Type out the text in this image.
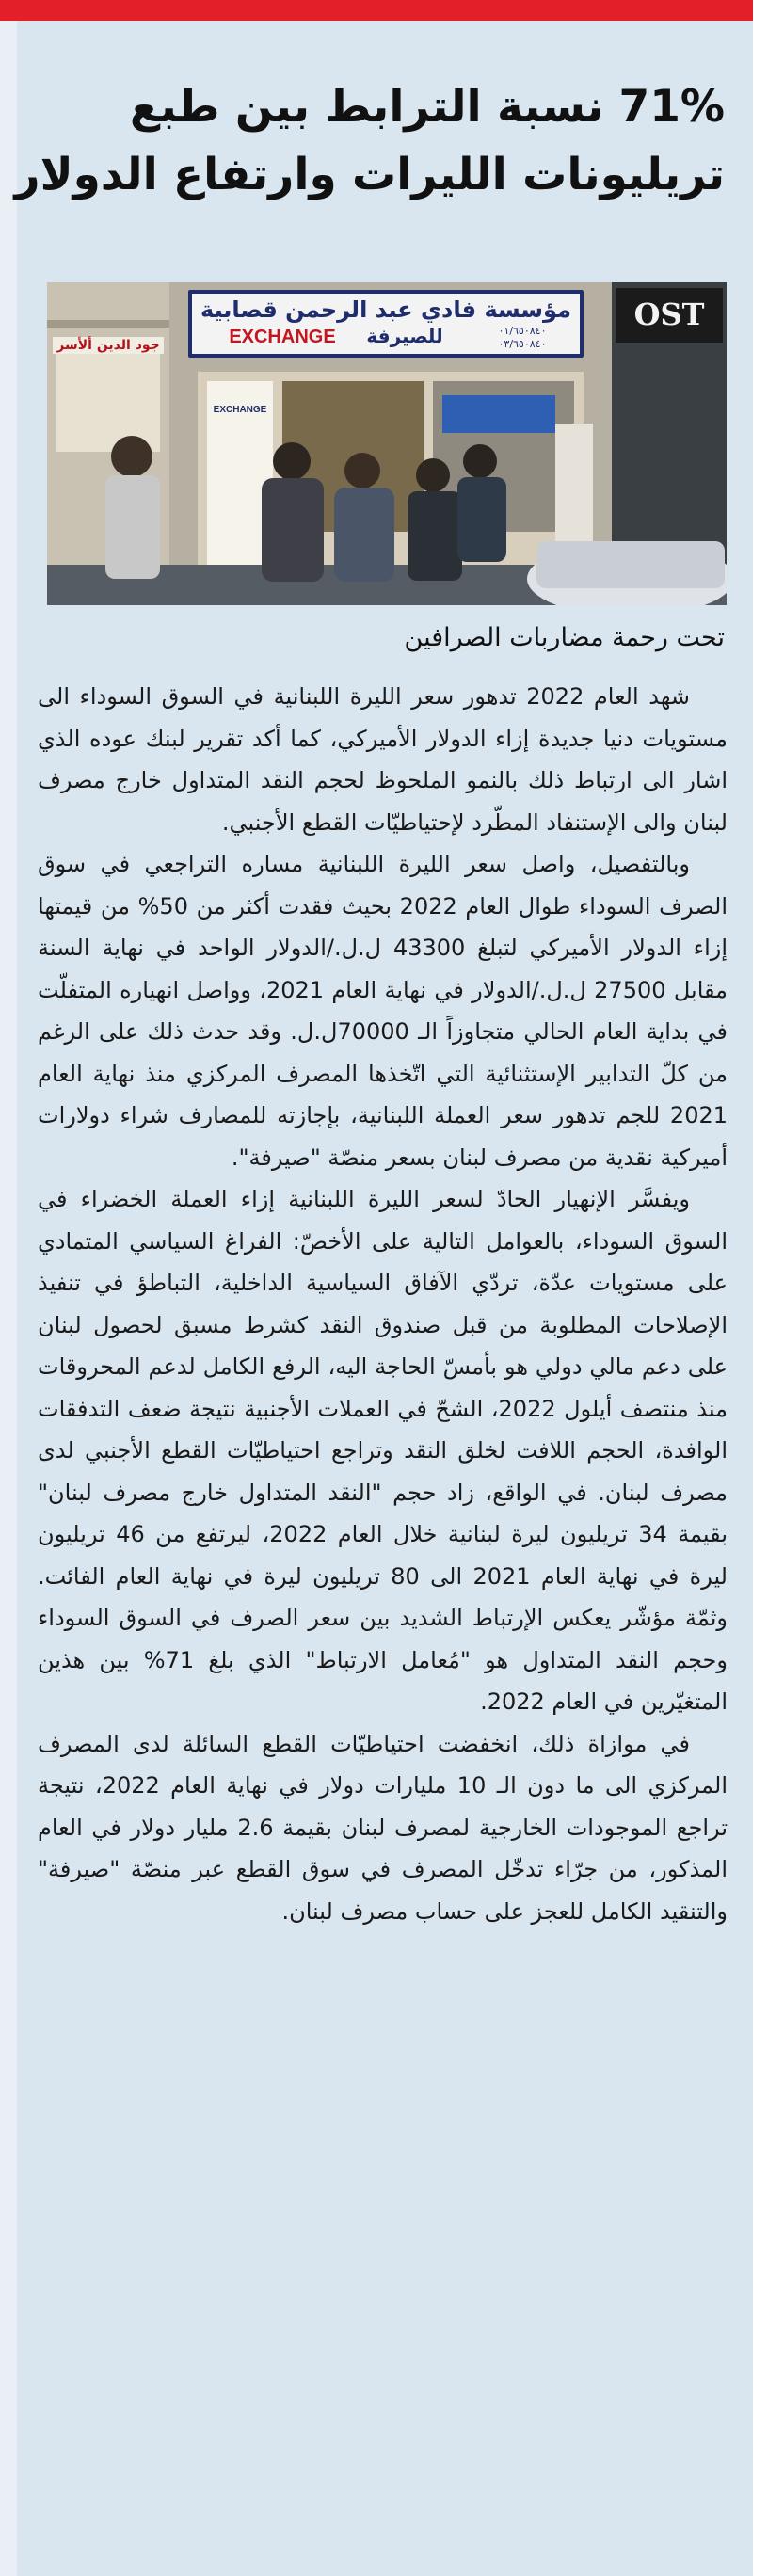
71% نسبة الترابط بين طبع
تريليونات الليرات وارتفاع الدولار
مؤسسة فادي عبد الرحمن قصابية
EXCHANGE	للصيرفة	٠١/٦٥٠٨٤٠
٠٣/٦٥٠٨٤٠
جود الدين ألأسر
OST
EXCHANGE

تحت رحمة مضاربات الصرافين

شهد العام 2022 تدهور سعر الليرة اللبنانية في السوق السوداء الى مستويات دنيا جديدة إزاء الدولار الأميركي، كما أكد تقرير لبنك عوده الذي اشار الى ارتباط ذلك بالنمو الملحوظ لحجم النقد المتداول خارج مصرف لبنان والى الإستنفاد المطّرد لإحتياطيّات القطع الأجنبي.

وبالتفصيل، واصل سعر الليرة اللبنانية مساره التراجعي في سوق الصرف السوداء طوال العام 2022 بحيث فقدت أكثر من 50% من قيمتها إزاء الدولار الأميركي لتبلغ 43300 ل.ل./الدولار الواحد في نهاية السنة مقابل 27500 ل.ل./الدولار في نهاية العام 2021، وواصل انهياره المتفلّت في بداية العام الحالي متجاوزاً الـ 70000ل.ل. وقد حدث ذلك على الرغم من كلّ التدابير الإستثنائية التي اتّخذها المصرف المركزي منذ نهاية العام 2021 للجم تدهور سعر العملة اللبنانية، بإجازته للمصارف شراء دولارات أميركية نقدية من مصرف لبنان بسعر منصّة "صيرفة".

ويفسَّر الإنهيار الحادّ لسعر الليرة اللبنانية إزاء العملة الخضراء في السوق السوداء، بالعوامل التالية على الأخصّ: الفراغ السياسي المتمادي على مستويات عدّة، تردّي الآفاق السياسية الداخلية، التباطؤ في تنفيذ الإصلاحات المطلوبة من قبل صندوق النقد كشرط مسبق لحصول لبنان على دعم مالي دولي هو بأمسّ الحاجة اليه، الرفع الكامل لدعم المحروقات منذ منتصف أيلول 2022، الشحّ في العملات الأجنبية نتيجة ضعف التدفقات الوافدة، الحجم اللافت لخلق النقد وتراجع احتياطيّات القطع الأجنبي لدى مصرف لبنان. في الواقع، زاد حجم "النقد المتداول خارج مصرف لبنان" بقيمة 34 تريليون ليرة لبنانية خلال العام 2022، ليرتفع من 46 تريليون ليرة في نهاية العام 2021 الى 80 تريليون ليرة في نهاية العام الفائت. وثمّة مؤشّر يعكس الإرتباط الشديد بين سعر الصرف في السوق السوداء وحجم النقد المتداول هو "مُعامل الارتباط" الذي بلغ 71% بين هذين المتغيّرين في العام 2022.

في موازاة ذلك، انخفضت احتياطيّات القطع السائلة لدى المصرف المركزي الى ما دون الـ 10 مليارات دولار في نهاية العام 2022، نتيجة تراجع الموجودات الخارجية لمصرف لبنان بقيمة 2.6 مليار دولار في العام المذكور، من جرّاء تدخّل المصرف في سوق القطع عبر منصّة "صيرفة" والتنقيد الكامل للعجز على حساب مصرف لبنان.
